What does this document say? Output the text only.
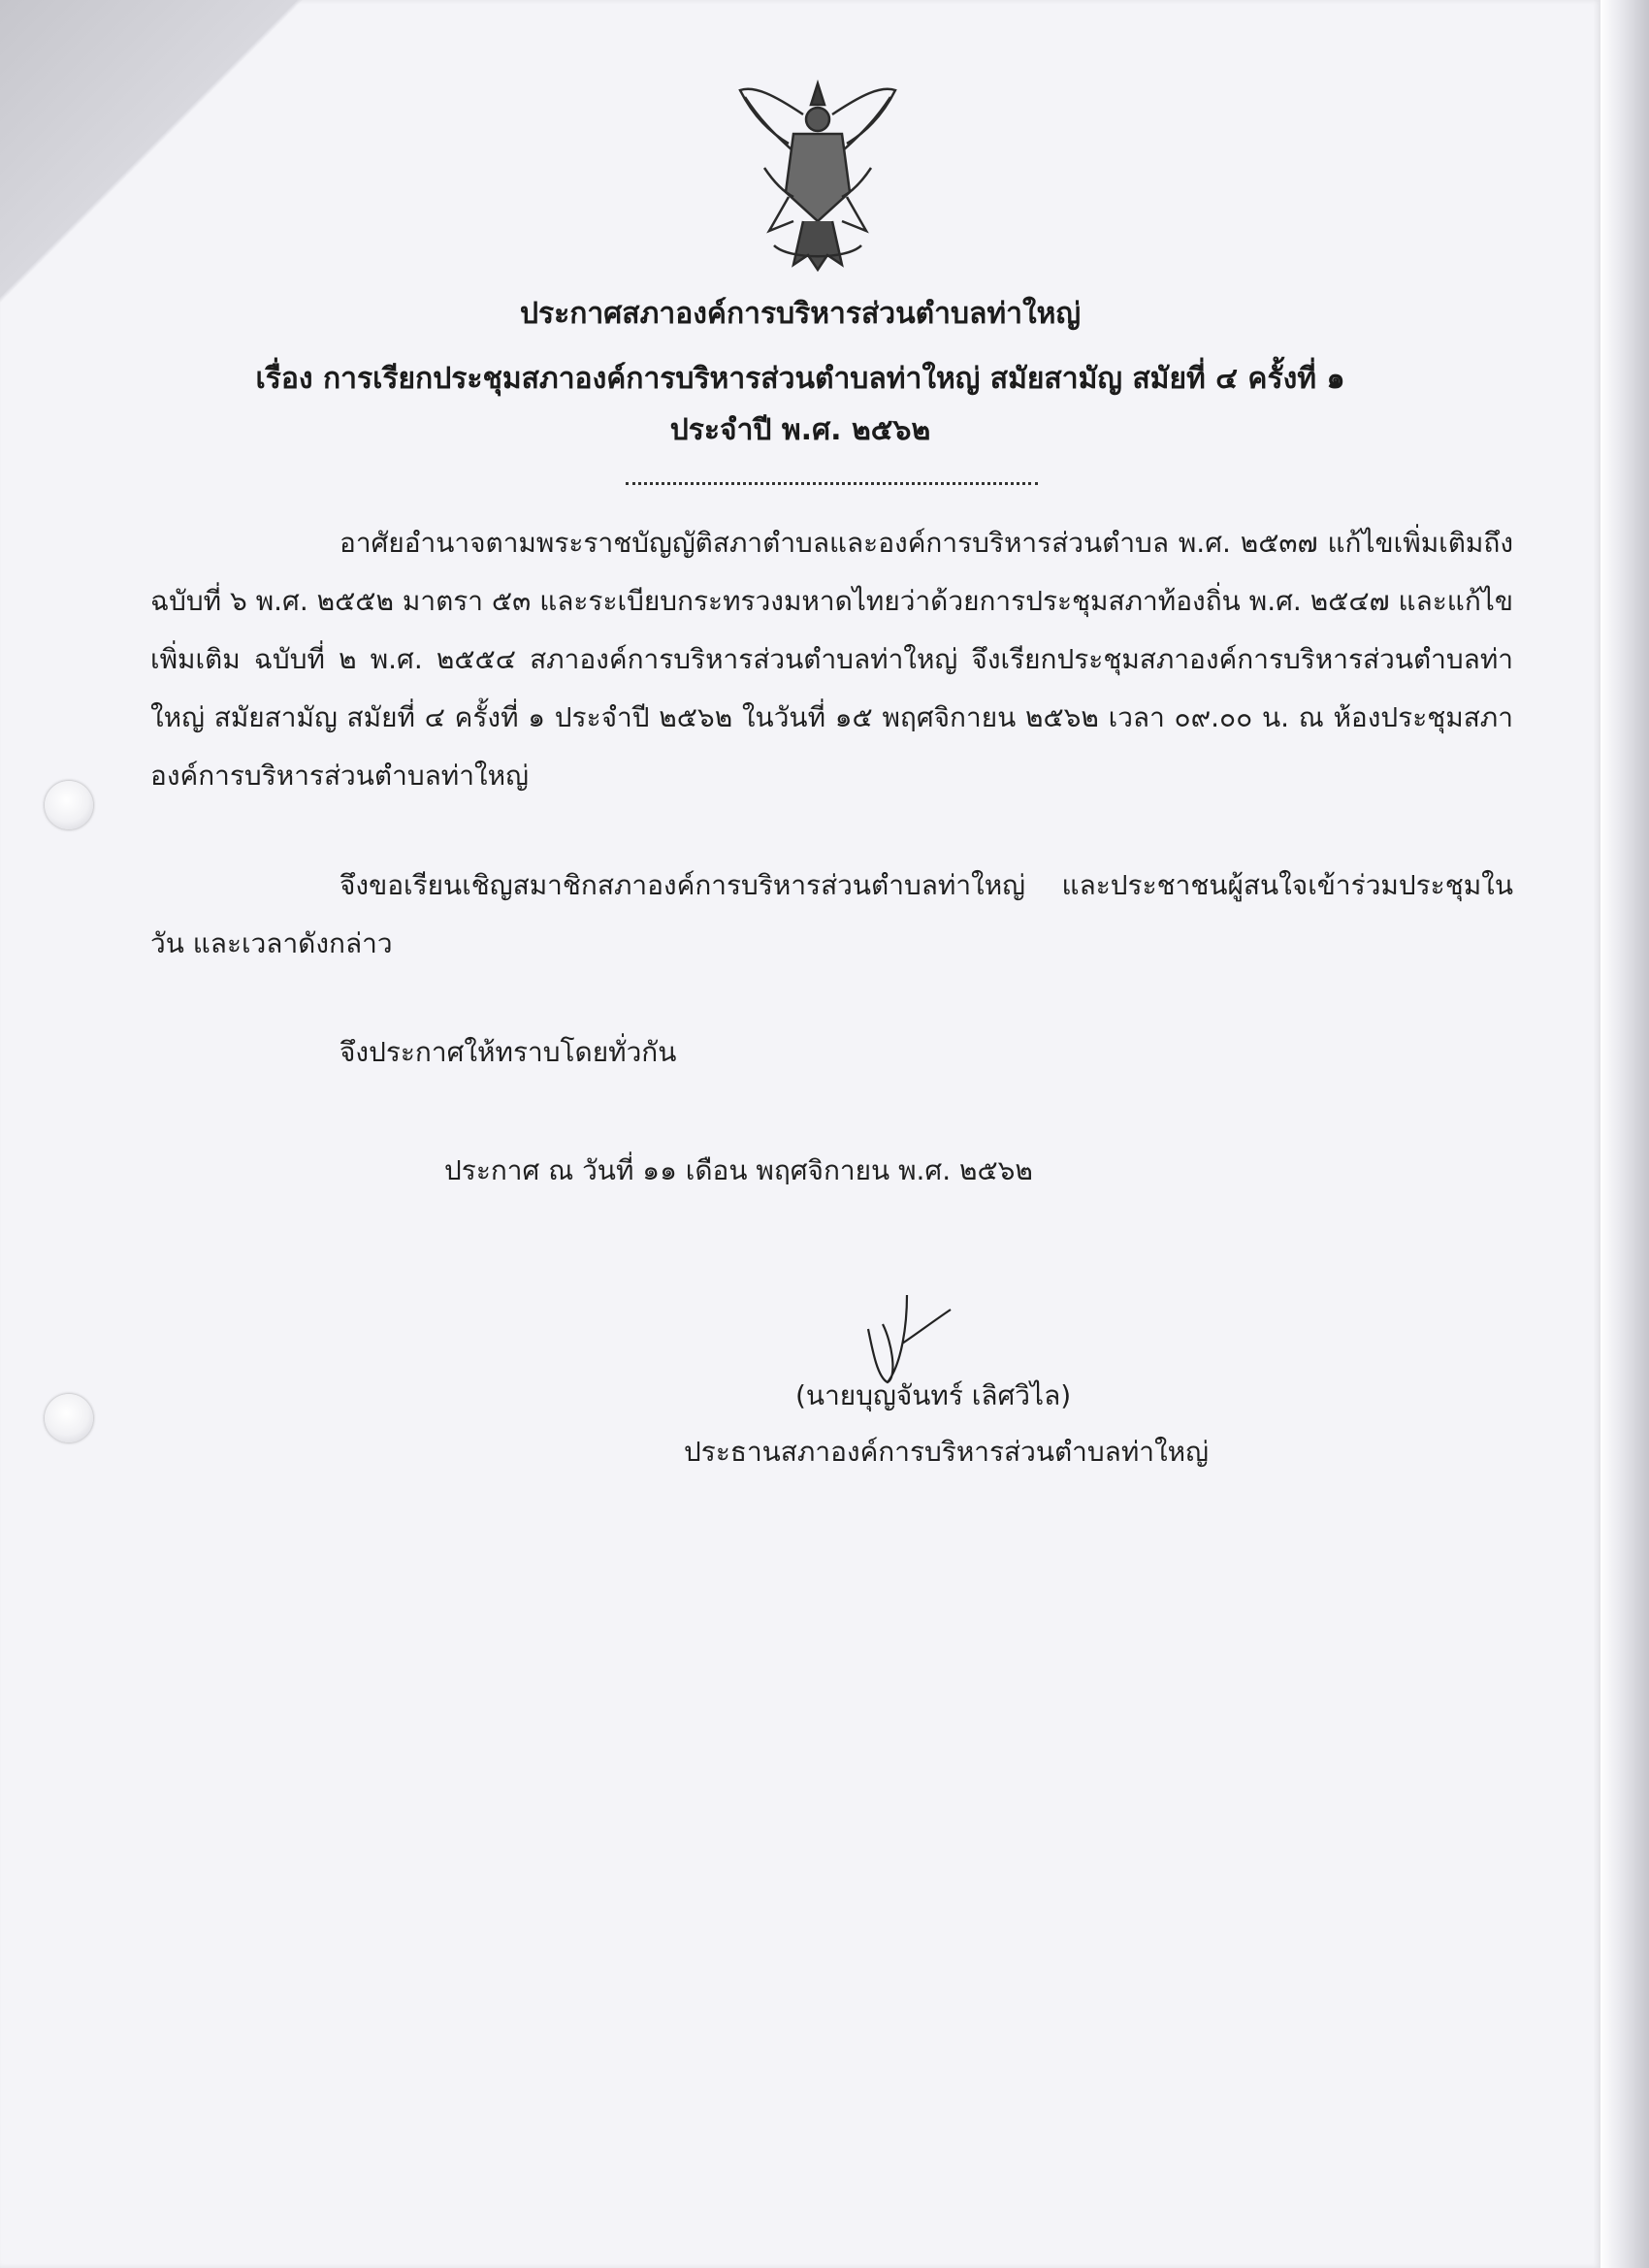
ประกาศสภาองค์การบริหารส่วนตำบลท่าใหญ่
เรื่อง การเรียกประชุมสภาองค์การบริหารส่วนตำบลท่าใหญ่ สมัยสามัญ สมัยที่ ๔ ครั้งที่ ๑
ประจำปี พ.ศ. ๒๕๖๒
อาศัยอำนาจตามพระราชบัญญัติสภาตำบลและองค์การบริหารส่วนตำบล พ.ศ. ๒๕๓๗ แก้ไขเพิ่มเติมถึงฉบับที่ ๖ พ.ศ. ๒๕๕๒ มาตรา ๕๓ และระเบียบกระทรวงมหาดไทยว่าด้วยการประชุมสภาท้องถิ่น พ.ศ. ๒๕๔๗ และแก้ไขเพิ่มเติม ฉบับที่ ๒ พ.ศ. ๒๕๕๔ สภาองค์การบริหารส่วนตำบลท่าใหญ่ จึงเรียกประชุมสภาองค์การบริหารส่วนตำบลท่าใหญ่ สมัยสามัญ สมัยที่ ๔ ครั้งที่ ๑ ประจำปี ๒๕๖๒ ในวันที่ ๑๕ พฤศจิกายน ๒๕๖๒ เวลา ๐๙.๐๐ น. ณ ห้องประชุมสภาองค์การบริหารส่วนตำบลท่าใหญ่
จึงขอเรียนเชิญสมาชิกสภาองค์การบริหารส่วนตำบลท่าใหญ่ และประชาชนผู้สนใจเข้าร่วมประชุมในวัน และเวลาดังกล่าว
จึงประกาศให้ทราบโดยทั่วกัน
ประกาศ ณ วันที่ ๑๑ เดือน พฤศจิกายน พ.ศ. ๒๕๖๒
(นายบุญจันทร์ เลิศวิไล)
ประธานสภาองค์การบริหารส่วนตำบลท่าใหญ่
